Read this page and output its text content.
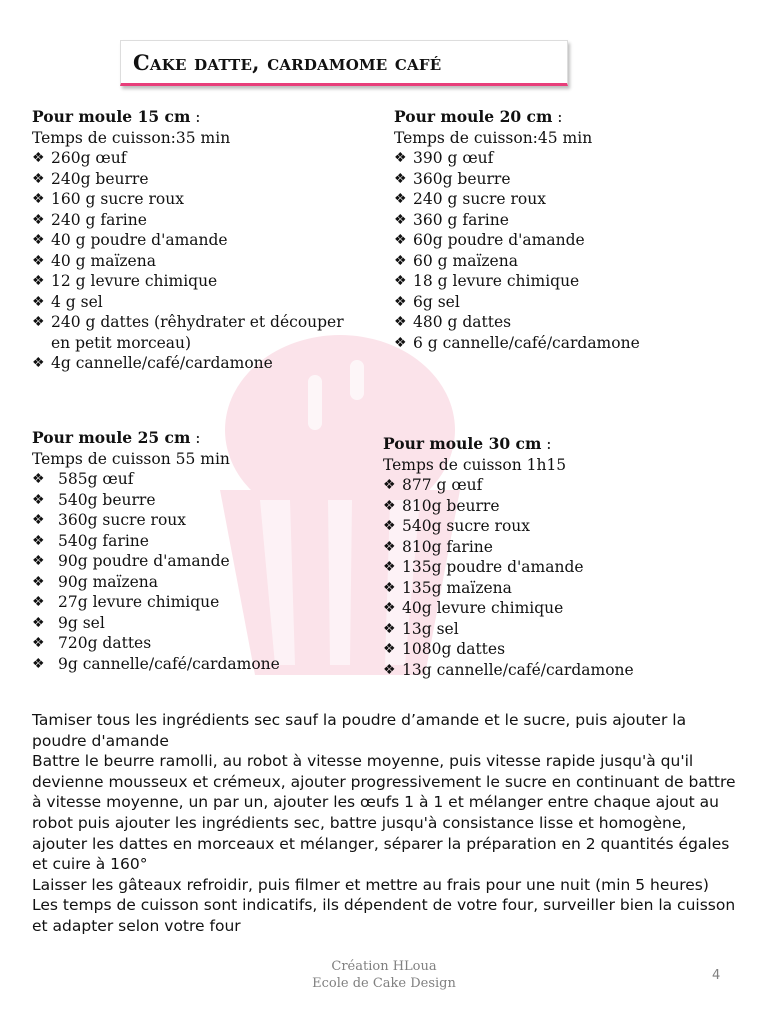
Cake datte, cardamome café
Pour moule 15 cm :
Temps de cuisson:35 min
❖ 260g œuf
❖ 240g beurre
❖ 160 g sucre roux
❖ 240 g farine
❖ 40 g poudre d'amande
❖ 40 g maïzena
❖ 12 g levure chimique
❖ 4 g sel
❖ 240 g dattes (rêhydrater et découper
en petit morceau)
❖ 4g cannelle/café/cardamone
Pour moule 20 cm :
Temps de cuisson:45 min
❖ 390 g œuf
❖ 360g beurre
❖ 240 g sucre roux
❖ 360 g farine
❖ 60g poudre d'amande
❖ 60 g maïzena
❖ 18 g levure chimique
❖ 6g sel
❖ 480 g dattes
❖ 6 g cannelle/café/cardamone
Pour moule 25 cm :
Temps de cuisson 55 min
❖ 585g œuf
❖ 540g beurre
❖ 360g sucre roux
❖ 540g farine
❖ 90g poudre d'amande
❖ 90g maïzena
❖ 27g levure chimique
❖ 9g sel
❖ 720g dattes
❖ 9g cannelle/café/cardamone
Pour moule 30 cm :
Temps de cuisson 1h15
❖ 877 g œuf
❖ 810g beurre
❖ 540g sucre roux
❖ 810g farine
❖ 135g poudre d'amande
❖ 135g maïzena
❖ 40g levure chimique
❖ 13g sel
❖ 1080g dattes
❖ 13g cannelle/café/cardamone

Tamiser tous les ingrédients sec sauf la poudre d’amande et le sucre, puis ajouter la poudre d'amande

Battre le beurre ramolli, au robot à vitesse moyenne, puis vitesse rapide jusqu'à qu'il devienne mousseux et crémeux, ajouter progressivement le sucre en continuant de battre à vitesse moyenne, un par un, ajouter les œufs 1 à 1 et mélanger entre chaque ajout au robot puis ajouter les ingrédients sec, battre jusqu'à consistance lisse et homogène, ajouter les dattes en morceaux et mélanger, séparer la préparation en 2 quantités égales et cuire à 160°

Laisser les gâteaux refroidir, puis filmer et mettre au frais pour une nuit (min 5 heures)

Les temps de cuisson sont indicatifs, ils dépendent de votre four, surveiller bien la cuisson et adapter selon votre four

Création HLoua
Ecole de Cake Design
4
